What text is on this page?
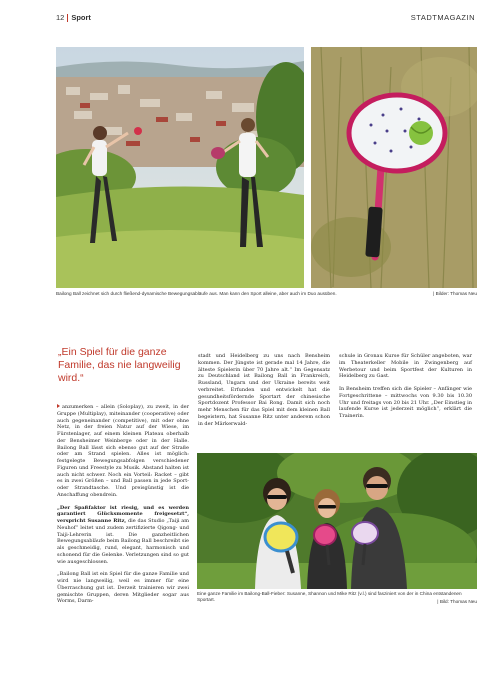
12 Sport	STADTMAGAZIN
Bailong Ball zeichnet sich durch fließend-dynamische Bewegungsabläufe aus. Man kann den Sport alleine, aber auch im Duo ausüben.	| Bilder: Thomas Neu
„Ein Spiel für die ganze Familie, das nie langweilig wird.“

anzumerken – allein (Soloplay), zu zweit, in der Gruppe (Multiplay), miteinander (cooperative) oder auch gegeneinander (competitive), mit oder ohne Netz, in der freien Natur auf der Wiese, im Fürstenlager, auf einem kleinen Plateau oberhalb der Bensheimer Weinberge oder in der Halle. Bailong Ball lässt sich ebenso gut auf der Straße oder am Strand spielen. Alles ist möglich: festgelegte Bewegungsabfolgen verschiedener Figuren und Freestyle zu Musik. Abstand halten ist auch nicht schwer. Noch ein Vorteil: Racket – gibt es in zwei Größen – und Ball passen in jede Sport- oder Strandtasche. Und preisgünstig ist die Anschaffung obendrein.

„Der Spaßfaktor ist riesig, und es werden garantiert Glücksmomente freigesetzt“, verspricht Susanne Ritz, die das Studio „Taiji am Neuhof“ leitet und zudem zertifizierte Qigong- und Taiji-Lehrerin ist. Die ganzheitlichen Bewegungsabläufe beim Bailong Ball beschreibt sie als geschmeidig, rund, elegant, harmonisch und schonend für die Gelenke. Verletzungen sind so gut wie ausgeschlossen.

„Bailong Ball ist ein Spiel für die ganze Familie und wird nie langweilig, weil es immer für eine Überraschung gut ist. Derzeit trainieren wir zwei gemischte Gruppen, deren Mitglieder sogar aus Worms, Darm-

stadt und Heidelberg zu uns nach Bensheim kommen. Der Jüngste ist gerade mal 14 Jahre, die älteste Spielerin über 70 Jahre alt.“ Im Gegensatz zu Deutschland ist Bailong Ball in Frankreich, Russland, Ungarn und der Ukraine bereits weit verbreitet. Erfunden und entwickelt hat die gesundheitsfördernde Sportart der chinesische Sportdozent Professor Bai Rong. Damit sich noch mehr Menschen für das Spiel mit dem kleinen Ball begeistern, hat Susanne Ritz unter anderem schon in der Märkerwald-

schule in Gronau Kurse für Schüler angeboten, war im Theaterkeller Mobile in Zwingenberg auf Werbetour und beim Sportfest der Kulturen in Heidelberg zu Gast.

In Bensheim treffen sich die Spieler – Anfänger wie Fortgeschrittene – mittwochs von 9.30 bis 10.30 Uhr und freitags von 20 bis 21 Uhr. „Der Einstieg in laufende Kurse ist jederzeit möglich“, erklärt die Trainerin.

Eine ganze Familie im Bailong-Ball-Fieber: Susanne, Shannon und Mike Ritz (v.l.) sind fasziniert von der in China entstandenen Sportart.	| Bild: Thomas Neu
